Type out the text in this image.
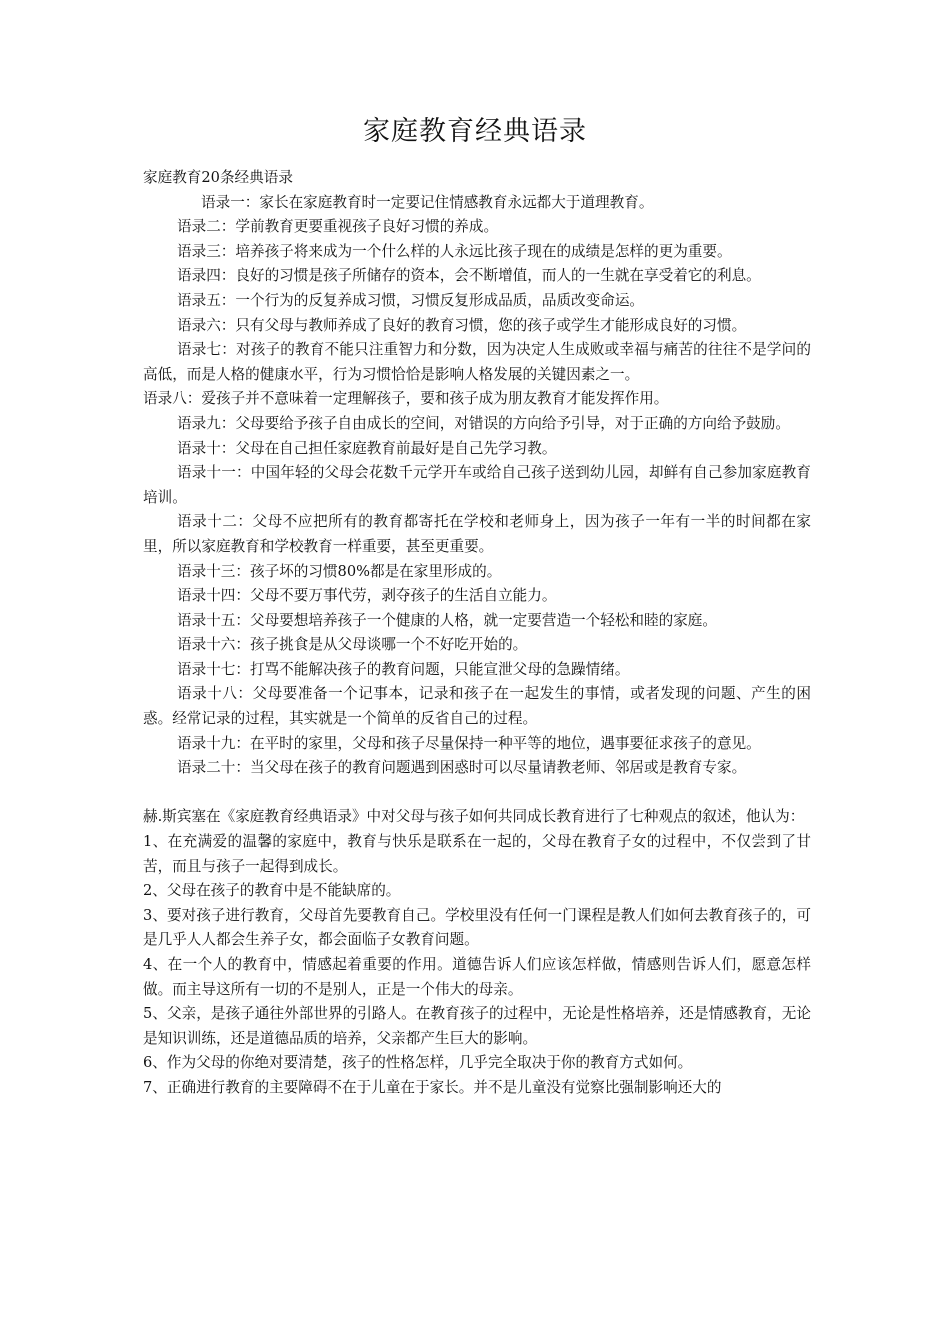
家庭教育经典语录

家庭教育20条经典语录

语录一：家长在家庭教育时一定要记住情感教育永远都大于道理教育。

语录二：学前教育更要重视孩子良好习惯的养成。

语录三：培养孩子将来成为一个什么样的人永远比孩子现在的成绩是怎样的更为重要。

语录四：良好的习惯是孩子所储存的资本，会不断增值，而人的一生就在享受着它的利息。

语录五：一个行为的反复养成习惯，习惯反复形成品质，品质改变命运。

语录六：只有父母与教师养成了良好的教育习惯，您的孩子或学生才能形成良好的习惯。

语录七：对孩子的教育不能只注重智力和分数，因为决定人生成败或幸福与痛苦的往往不是学问的高低，而是人格的健康水平，行为习惯恰恰是影响人格发展的关键因素之一。

语录八：爱孩子并不意味着一定理解孩子，要和孩子成为朋友教育才能发挥作用。

语录九：父母要给予孩子自由成长的空间，对错误的方向给予引导，对于正确的方向给予鼓励。

语录十：父母在自己担任家庭教育前最好是自己先学习教。

语录十一：中国年轻的父母会花数千元学开车或给自己孩子送到幼儿园，却鲜有自己参加家庭教育培训。

语录十二：父母不应把所有的教育都寄托在学校和老师身上，因为孩子一年有一半的时间都在家里，所以家庭教育和学校教育一样重要，甚至更重要。

语录十三：孩子坏的习惯80%都是在家里形成的。

语录十四：父母不要万事代劳，剥夺孩子的生活自立能力。

语录十五：父母要想培养孩子一个健康的人格，就一定要营造一个轻松和睦的家庭。

语录十六：孩子挑食是从父母谈哪一个不好吃开始的。

语录十七：打骂不能解决孩子的教育问题，只能宣泄父母的急躁情绪。

语录十八：父母要准备一个记事本，记录和孩子在一起发生的事情，或者发现的问题、产生的困惑。经常记录的过程，其实就是一个简单的反省自己的过程。

语录十九：在平时的家里，父母和孩子尽量保持一种平等的地位，遇事要征求孩子的意见。

语录二十：当父母在孩子的教育问题遇到困惑时可以尽量请教老师、邻居或是教育专家。

赫.斯宾塞在《家庭教育经典语录》中对父母与孩子如何共同成长教育进行了七种观点的叙述，他认为：

1、在充满爱的温馨的家庭中，教育与快乐是联系在一起的，父母在教育子女的过程中，不仅尝到了甘苦，而且与孩子一起得到成长。

2、父母在孩子的教育中是不能缺席的。

3、要对孩子进行教育，父母首先要教育自己。学校里没有任何一门课程是教人们如何去教育孩子的，可是几乎人人都会生养子女，都会面临子女教育问题。

4、在一个人的教育中，情感起着重要的作用。道德告诉人们应该怎样做，情感则告诉人们，愿意怎样做。而主导这所有一切的不是别人，正是一个伟大的母亲。

5、父亲，是孩子通往外部世界的引路人。在教育孩子的过程中，无论是性格培养，还是情感教育，无论是知识训练，还是道德品质的培养，父亲都产生巨大的影响。

6、作为父母的你绝对要清楚，孩子的性格怎样，几乎完全取决于你的教育方式如何。

7、正确进行教育的主要障碍不在于儿童在于家长。并不是儿童没有觉察比强制影响还大的
